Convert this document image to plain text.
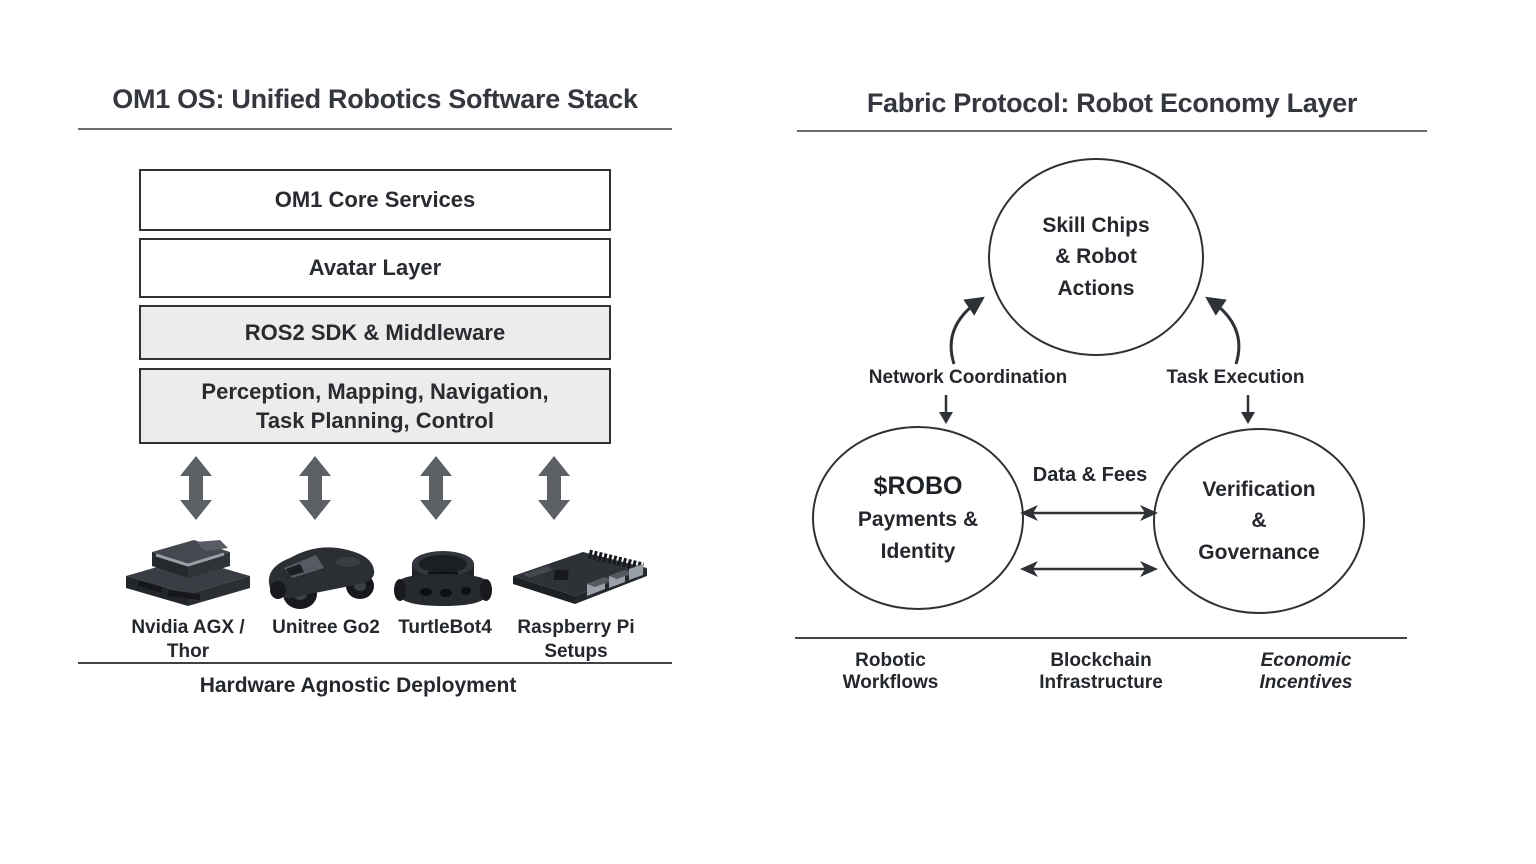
OM1 OS: Unified Robotics Software Stack
OM1 Core Services
Avatar Layer
ROS2 SDK & Middleware
Perception, Mapping, Navigation,
Task Planning, Control
Nvidia AGX / Thor
Unitree Go2 TurtleBot4	Raspberry Pi Setups
Hardware Agnostic Deployment
Fabric Protocol: Robot Economy Layer
Skill Chips
& Robot
Actions
Network Coordination	Task Execution
$ROBO
Payments &
Identity
Verification
&
Governance
Data & Fees
Robotic Workflows
Blockchain Infrastructure
Economic Incentives
